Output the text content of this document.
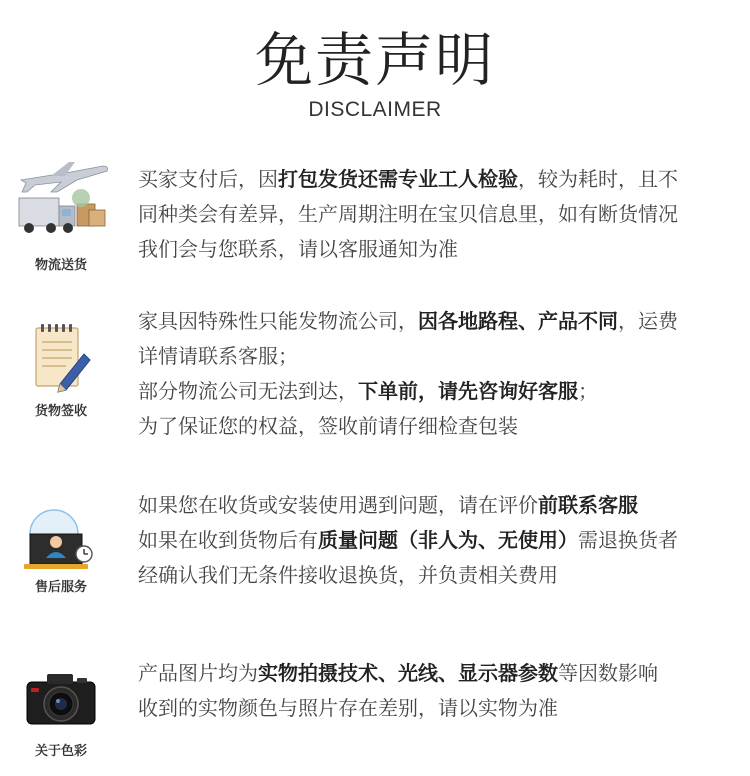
免责声明
DISCLAIMER
物流送货
买家支付后，因打包发货还需专业工人检验，较为耗时，且不
同种类会有差异，生产周期注明在宝贝信息里，如有断货情况
我们会与您联系，请以客服通知为准
货物签收
家具因特殊性只能发物流公司，因各地路程、产品不同，运费
详情请联系客服；
部分物流公司无法到达，下单前，请先咨询好客服；
为了保证您的权益，签收前请仔细检查包装
售后服务
如果您在收货或安装使用遇到问题，请在评价前联系客服
如果在收到货物后有质量问题（非人为、无使用）需退换货者
经确认我们无条件接收退换货，并负责相关费用
关于色彩
产品图片均为实物拍摄技术、光线、显示器参数等因数影响
收到的实物颜色与照片存在差别，请以实物为准
